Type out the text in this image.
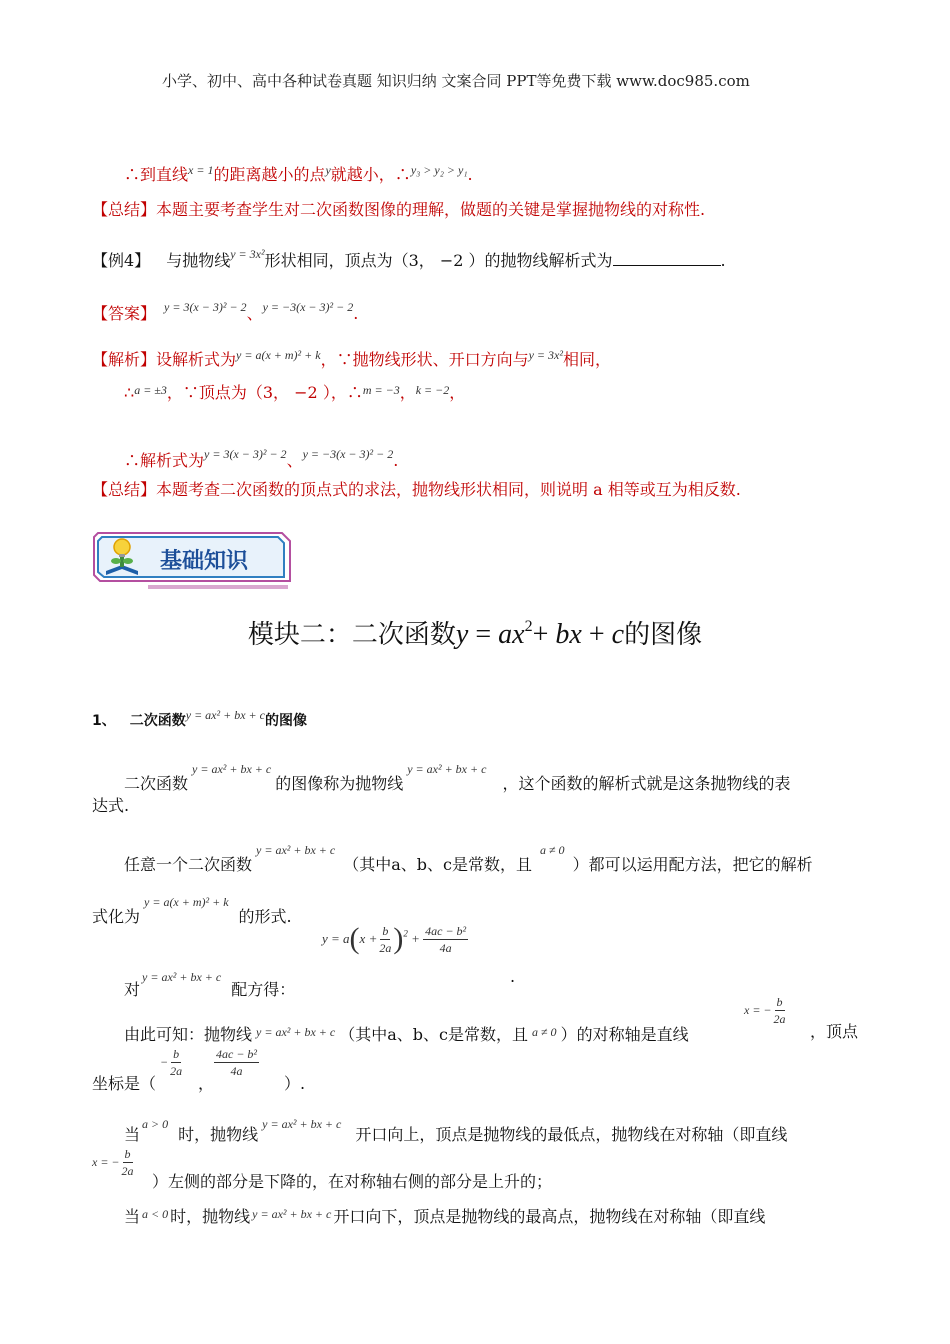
小学、初中、高中各种试卷真题 知识归纳 文案合同 PPT等免费下载 www.doc985.com
∴到直线$^{x = 1}$的距离越小的点$^y$就越小，∴$^{y_3 > y_2 > y_1}$.
【总结】本题主要考查学生对二次函数图像的理解，做题的关键是掌握抛物线的对称性.
【例4】 与抛物线$^{y = 3x^2}$形状相同，顶点为（3， −2 ）的抛物线解析式为	.
【答案】 $^{y = 3(x - 3)^2 - 2}$、$^{y = -3(x - 3)^2 - 2}$.
【解析】设解析式为$^{y = a(x + m)^2 + k}$，∵抛物线形状、开口方向与$^{y = 3x^2}$相同，
∴$^{a = \pm 3}$，∵顶点为（3， −2 ），∴$^{m = -3}$，$^{k = -2}$，
∴解析式为$^{y = 3(x - 3)^2 - 2}$、$^{y = -3(x - 3)^2 - 2}$.
【总结】本题考查二次函数的顶点式的求法，抛物线形状相同，则说明 a 相等或互为相反数.
基础知识
模块二：二次函数$y = ax^2+$ bx + c的图像
1、 二次函数y = ax² + bx + c的图像
二次函数$^{y = ax^2 + bx + c}$的图像称为抛物线$^{y = ax^2 + bx + c}$，这个函数的解析式就是这条抛物线的表
达式.
任意一个二次函数$^{y = ax^2 + bx + c}$（其中a、b、c是常数，且$^{a \ne 0}$）都可以运用配方法，把它的解析
式化为$^{y = a(x + m)^2 + k}$的形式.
对$^{y = ax^2 + bx + c}$配方得：
$y = a(x + \frac{b}{2a} )^2 + \frac{\text{4ac − b²}}{4a}$
.
由此可知：抛物线 $^{y = ax^2 + bx + c}$ （其中a、b、c是常数，且 $^{a \ne 0}$ ）的对称轴是直线
x = − $\frac{b}{2a}$
，顶点
坐标是（
− $\frac{b}{2a}$
，
$\frac{\text{4ac − b²}}{4a}$
）.
当$^{a > 0}$时，抛物线$^{y = ax^2 + bx + c}$开口向上，顶点是抛物线的最低点，抛物线在对称轴（即直线
x = − $\frac{b}{2a}$
）左侧的部分是下降的，在对称轴右侧的部分是上升的；
当 $^{a < 0}$ 时，抛物线 $^{y = ax^2 + bx + c}$ 开口向下，顶点是抛物线的最高点，抛物线在对称轴（即直线
